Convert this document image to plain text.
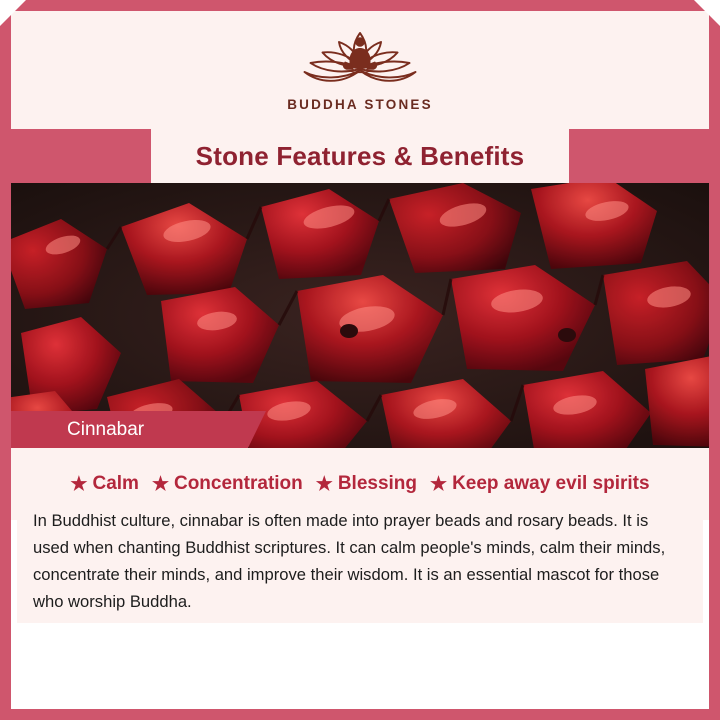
BUDDHA STONES
Stone Features & Benefits
Cinnabar
★ Calm ★ Concentration ★ Blessing ★ Keep away evil spirits
In Buddhist culture, cinnabar is often made into prayer beads and rosary beads. It is used when chanting Buddhist scriptures. It can calm people's minds, calm their minds, concentrate their minds, and improve their wisdom. It is an essential mascot for those who worship Buddha.
